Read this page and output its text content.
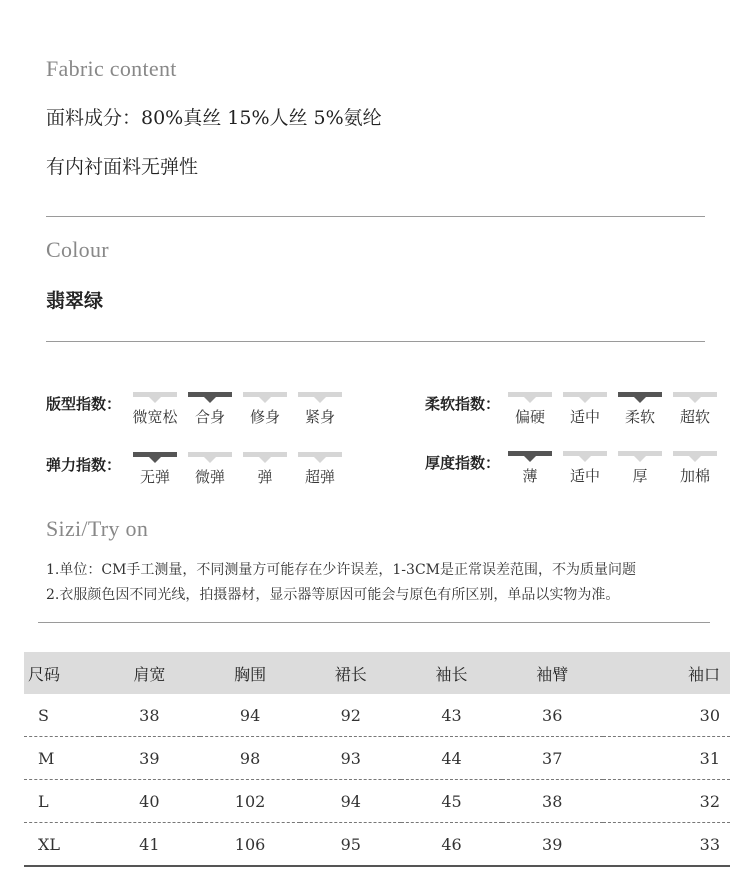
Fabric content
面料成分：80%真丝 15%人丝 5%氨纶
有内衬面料无弹性
Colour
翡翠绿
版型指数：
微宽松 合身 修身 紧身
柔软指数：
偏硬 适中 柔软 超软
弹力指数：
无弹 微弹 弹 超弹
厚度指数：
薄 适中 厚 加棉
Sizi/Try on
1.单位：CM手工测量，不同测量方可能存在少许误差，1-3CM是正常误差范围，不为质量问题
2.衣服颜色因不同光线，拍摄器材，显示器等原因可能会与原色有所区别，单品以实物为准。
尺码	肩宽	胸围	裙长	袖长	袖臂	袖口
S	38	94	92	43	36	30
M	39	98	93	44	37	31
L	40	102	94	45	38	32
XL	41	106	95	46	39	33
